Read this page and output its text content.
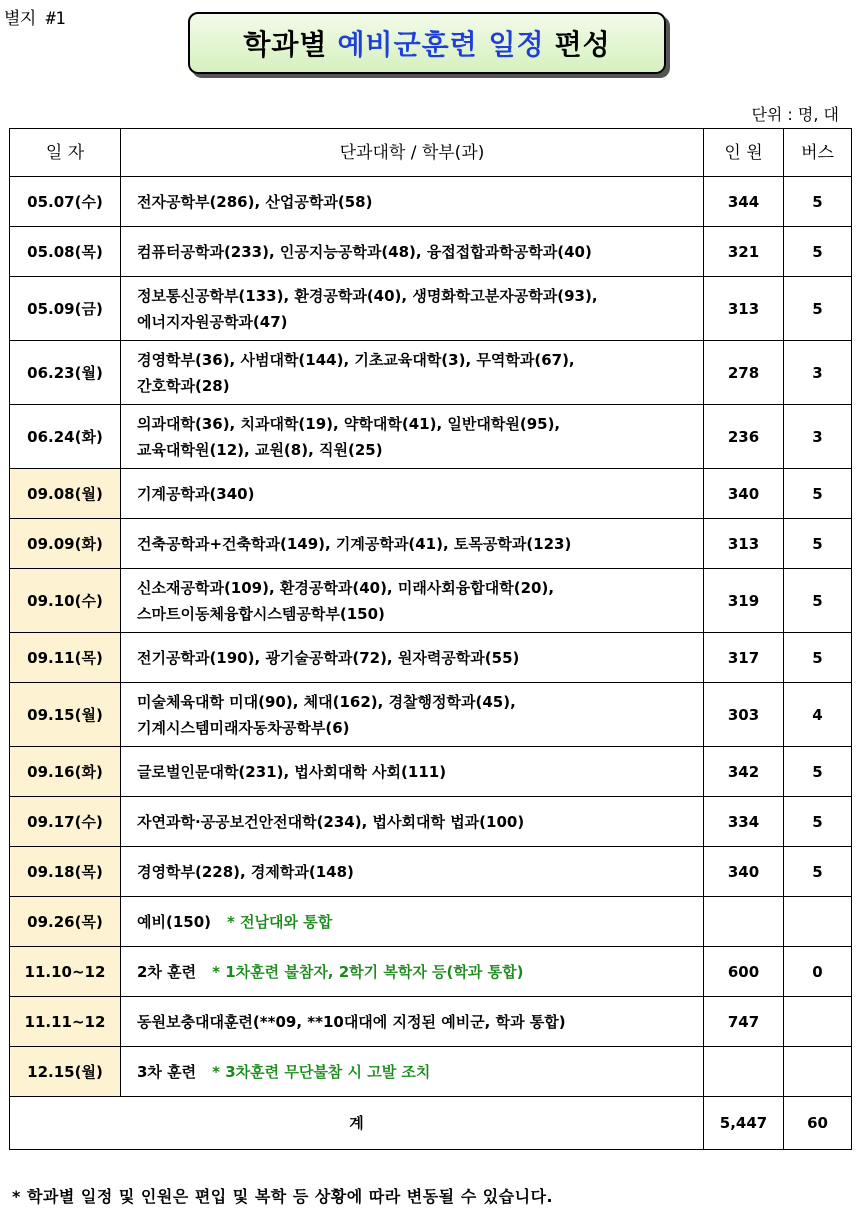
별지 #1
학과별 예비군훈련 일정 편성
단위 : 명, 대
일 자	단과대학 / 학부(과)	인 원	버스
05.07(수)	전자공학부(286), 산업공학과(58)	344	5
05.08(목)	컴퓨터공학과(233), 인공지능공학과(48), 융접접합과학공학과(40)	321	5
05.09(금)	정보통신공학부(133), 환경공학과(40), 생명화학고분자공학과(93),
에너지자원공학과(47)	313	5
06.23(월)	경영학부(36), 사범대학(144), 기초교육대학(3), 무역학과(67),
간호학과(28)	278	3
06.24(화)	의과대학(36), 치과대학(19), 약학대학(41), 일반대학원(95),
교육대학원(12), 교원(8), 직원(25)	236	3
09.08(월)	기계공학과(340)	340	5
09.09(화)	건축공학과+건축학과(149), 기계공학과(41), 토목공학과(123)	313	5
09.10(수)	신소재공학과(109), 환경공학과(40), 미래사회융합대학(20),
스마트이동체융합시스템공학부(150)	319	5
09.11(목)	전기공학과(190), 광기술공학과(72), 원자력공학과(55)	317	5
09.15(월)	미술체육대학 미대(90), 체대(162), 경찰행정학과(45),
기계시스템미래자동차공학부(6)	303	4
09.16(화)	글로벌인문대학(231), 법사회대학 사회(111)	342	5
09.17(수)	자연과학·공공보건안전대학(234), 법사회대학 법과(100)	334	5
09.18(목)	경영학부(228), 경제학과(148)	340	5
09.26(목)	예비(150) * 전남대와 통합		
11.10~12	2차 훈련 * 1차훈련 불참자, 2학기 복학자 등(학과 통합)	600	0
11.11~12	동원보충대대훈련(**09, **10대대에 지정된 예비군, 학과 통합)	747	
12.15(월)	3차 훈련 * 3차훈련 무단불참 시 고발 조치		
계		5,447	60
* 학과별 일정 및 인원은 편입 및 복학 등 상황에 따라 변동될 수 있습니다.
